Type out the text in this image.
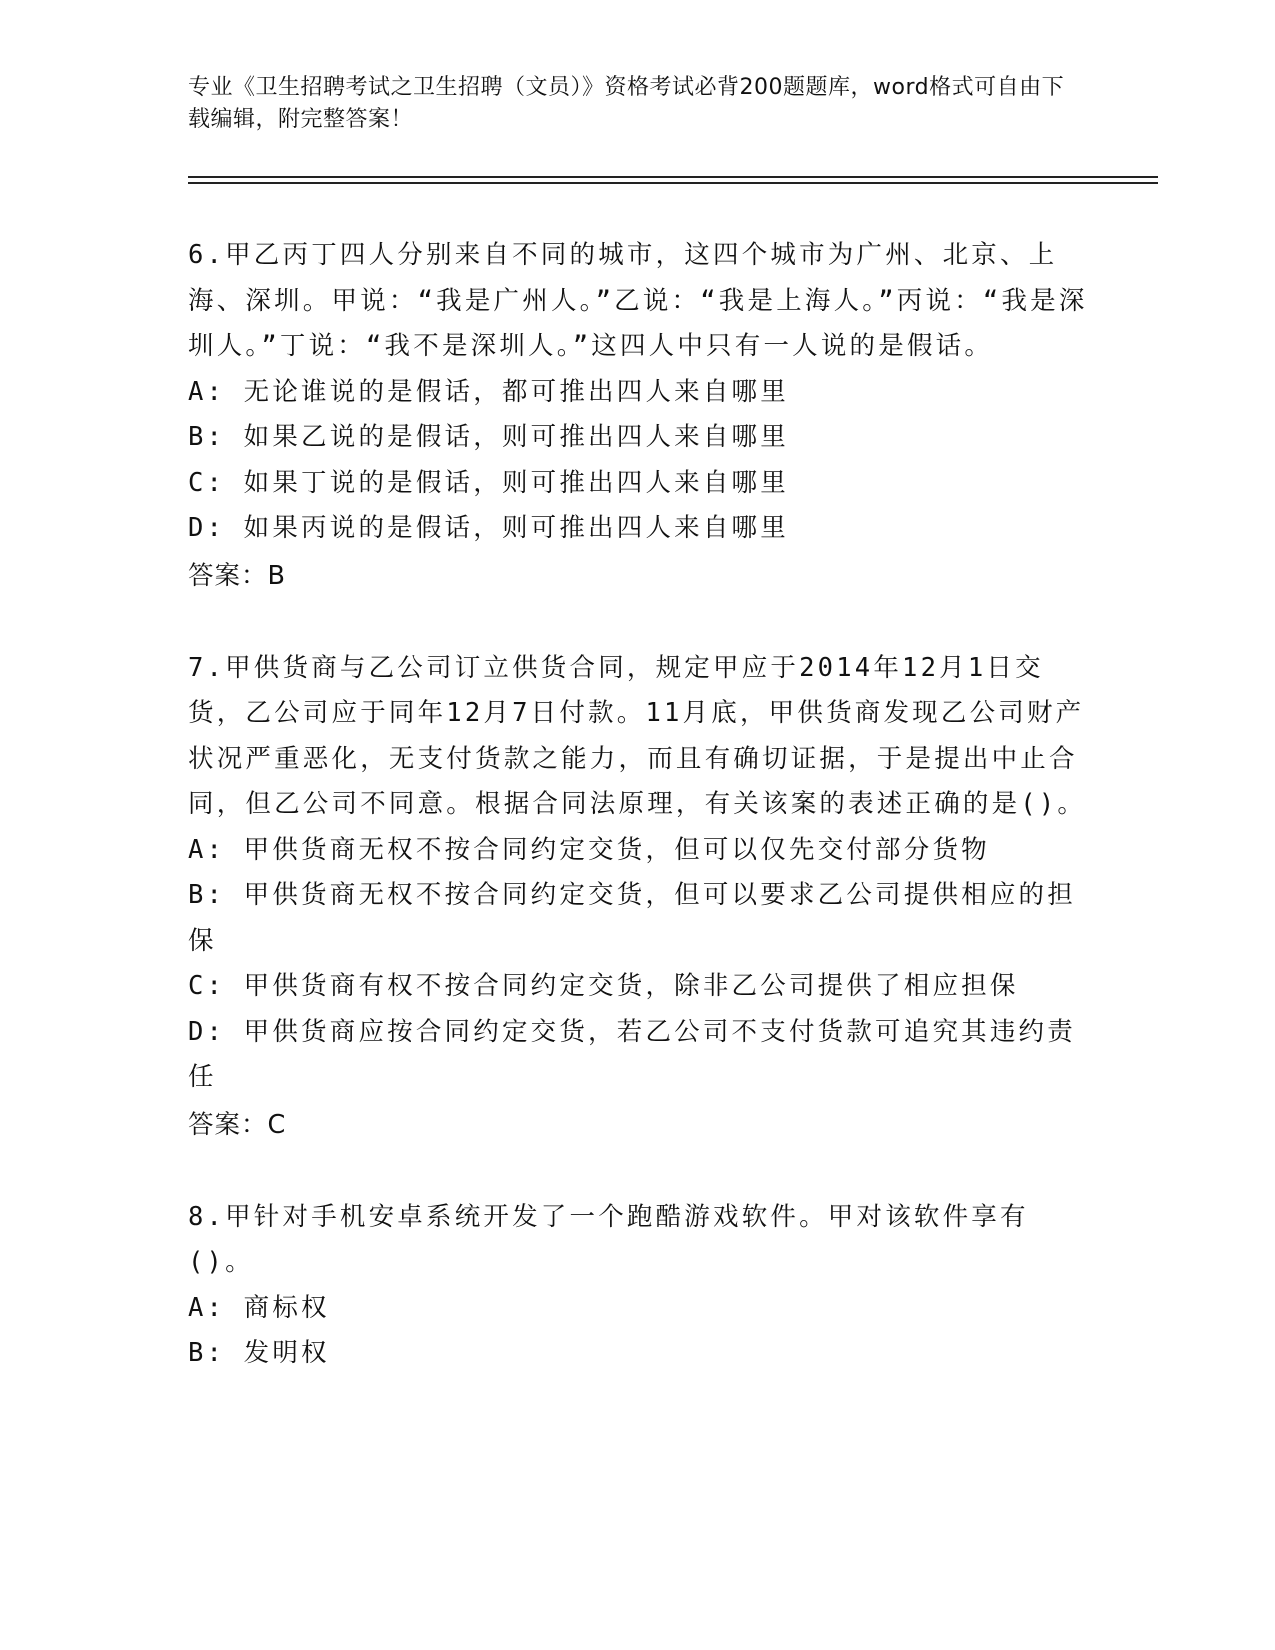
专业《卫生招聘考试之卫生招聘（文员）》资格考试必背200题题库，word格式可自由下载编辑，附完整答案！
6.甲乙丙丁四人分别来自不同的城市，这四个城市为广州、北京、上海、深圳。甲说：“我是广州人。”乙说：“我是上海人。”丙说：“我是深圳人。”丁说：“我不是深圳人。”这四人中只有一人说的是假话。
A: 无论谁说的是假话，都可推出四人来自哪里
B: 如果乙说的是假话，则可推出四人来自哪里
C: 如果丁说的是假话，则可推出四人来自哪里
D: 如果丙说的是假话，则可推出四人来自哪里
答案：B
7.甲供货商与乙公司订立供货合同，规定甲应于2014年12月1日交货，乙公司应于同年12月7日付款。11月底，甲供货商发现乙公司财产状况严重恶化，无支付货款之能力，而且有确切证据，于是提出中止合同，但乙公司不同意。根据合同法原理，有关该案的表述正确的是()。
A: 甲供货商无权不按合同约定交货，但可以仅先交付部分货物
B: 甲供货商无权不按合同约定交货，但可以要求乙公司提供相应的担保
C: 甲供货商有权不按合同约定交货，除非乙公司提供了相应担保
D: 甲供货商应按合同约定交货，若乙公司不支付货款可追究其违约责任
答案：C
8.甲针对手机安卓系统开发了一个跑酷游戏软件。甲对该软件享有()。
A: 商标权
B: 发明权
